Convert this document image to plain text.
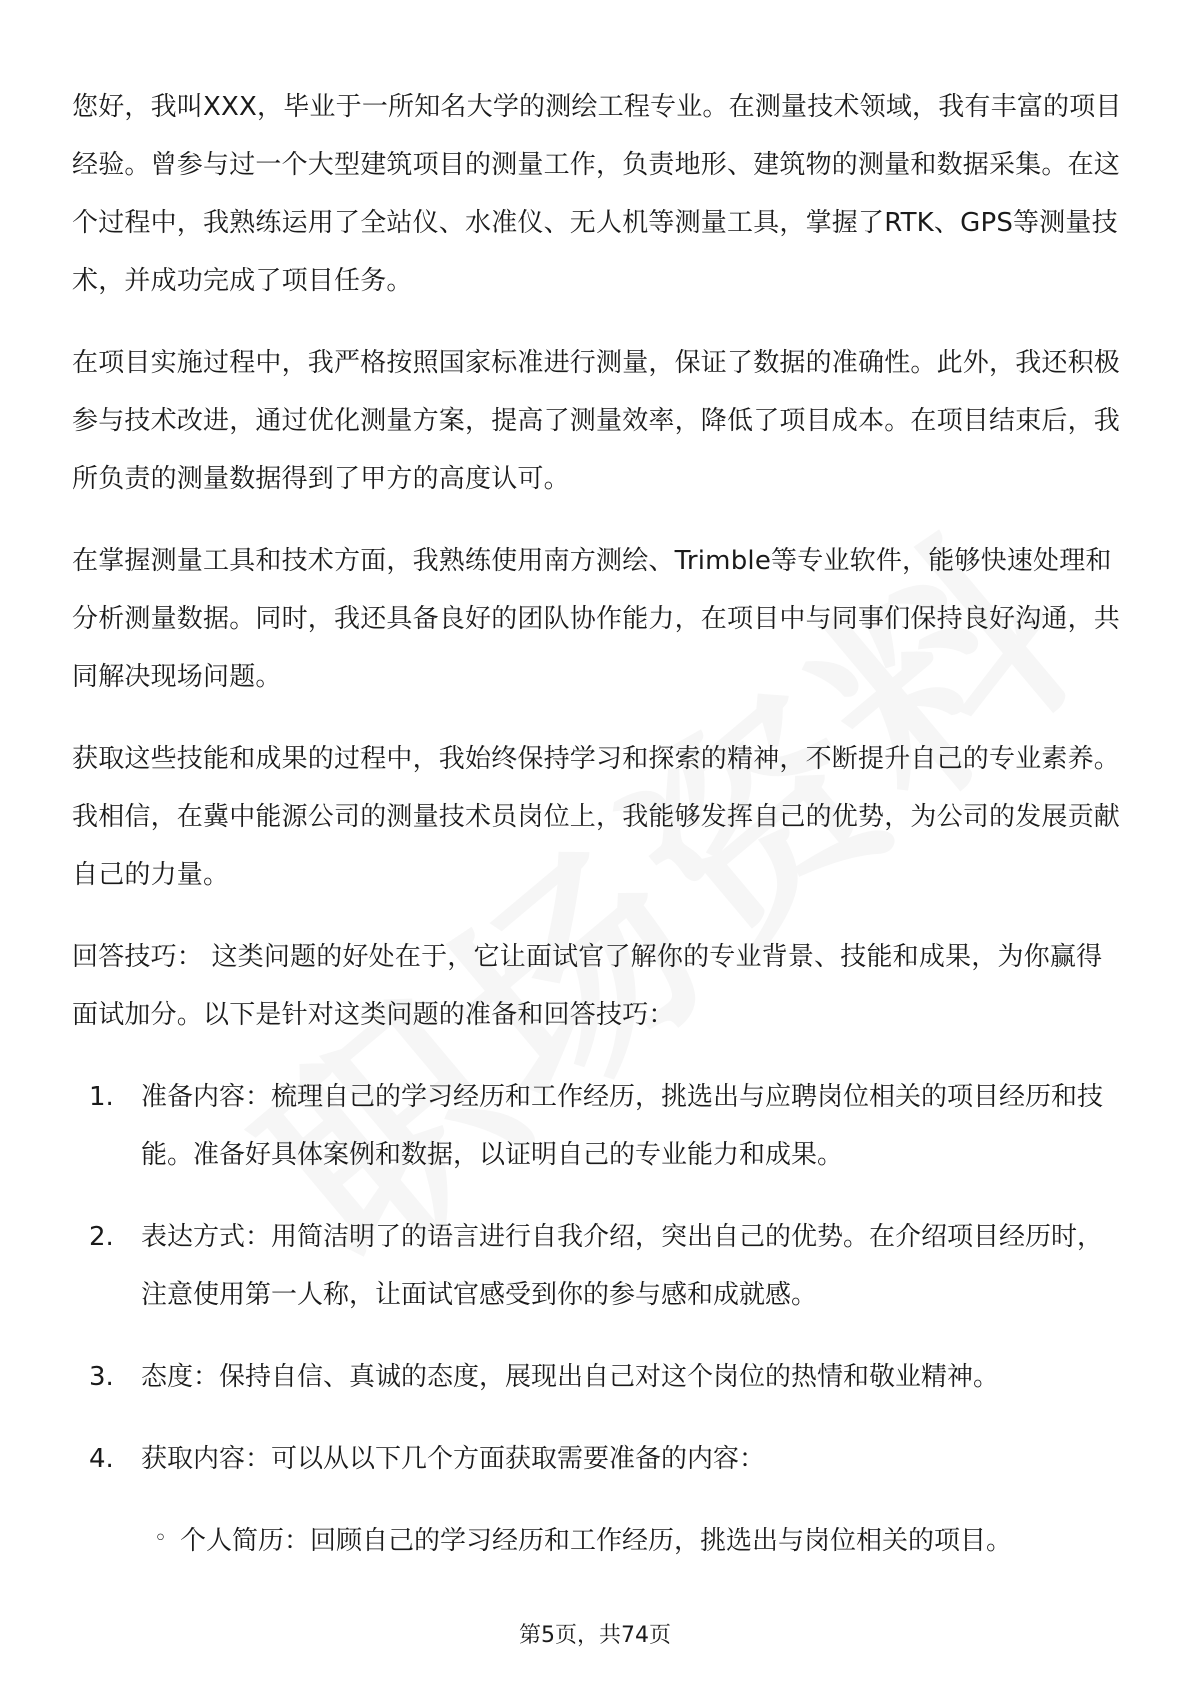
您好，我叫XXX，毕业于一所知名大学的测绘工程专业。在测量技术领域，我有丰富的项目经验。曾参与过一个大型建筑项目的测量工作，负责地形、建筑物的测量和数据采集。在这个过程中，我熟练运用了全站仪、水准仪、无人机等测量工具，掌握了RTK、GPS等测量技术，并成功完成了项目任务。

在项目实施过程中，我严格按照国家标准进行测量，保证了数据的准确性。此外，我还积极参与技术改进，通过优化测量方案，提高了测量效率，降低了项目成本。在项目结束后，我所负责的测量数据得到了甲方的高度认可。

在掌握测量工具和技术方面，我熟练使用南方测绘、Trimble等专业软件，能够快速处理和分析测量数据。同时，我还具备良好的团队协作能力，在项目中与同事们保持良好沟通，共同解决现场问题。

获取这些技能和成果的过程中，我始终保持学习和探索的精神，不断提升自己的专业素养。我相信，在冀中能源公司的测量技术员岗位上，我能够发挥自己的优势，为公司的发展贡献自己的力量。

回答技巧： 这类问题的好处在于，它让面试官了解你的专业背景、技能和成果，为你赢得面试加分。以下是针对这类问题的准备和回答技巧：

1. 准备内容：梳理自己的学习经历和工作经历，挑选出与应聘岗位相关的项目经历和技能。准备好具体案例和数据，以证明自己的专业能力和成果。
2. 表达方式：用简洁明了的语言进行自我介绍，突出自己的优势。在介绍项目经历时，注意使用第一人称，让面试官感受到你的参与感和成就感。
3. 态度：保持自信、真诚的态度，展现出自己对这个岗位的热情和敬业精神。
4. 获取内容：可以从以下几个方面获取需要准备的内容：
◦ 个人简历：回顾自己的学习经历和工作经历，挑选出与岗位相关的项目。
第5页，共74页
